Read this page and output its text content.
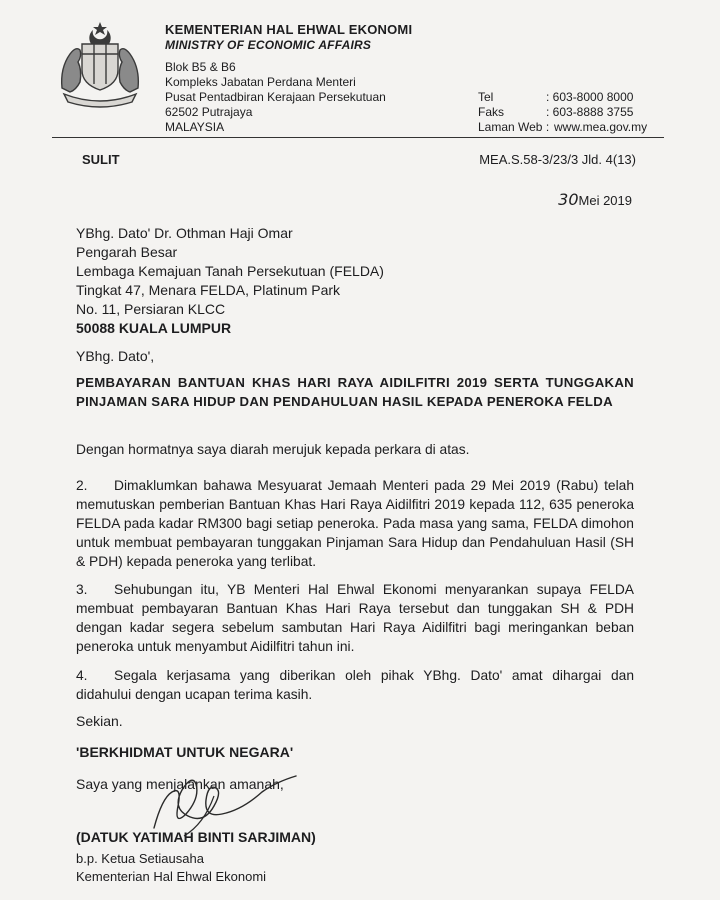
KEMENTERIAN HAL EHWAL EKONOMI
MINISTRY OF ECONOMIC AFFAIRS
Blok B5 & B6
Kompleks Jabatan Perdana Menteri
Pusat Pentadbiran Kerajaan Persekutuan
62502 Putrajaya
MALAYSIA
Tel	: 603-8000 8000
Faks	: 603-8888 3755
Laman Web : www.mea.gov.my
SULIT	MEA.S.58-3/23/3 Jld. 4(13)
30Mei 2019
YBhg. Dato' Dr. Othman Haji Omar
Pengarah Besar
Lembaga Kemajuan Tanah Persekutuan (FELDA)
Tingkat 47, Menara FELDA, Platinum Park
No. 11, Persiaran KLCC
50088 KUALA LUMPUR
YBhg. Dato',
PEMBAYARAN BANTUAN KHAS HARI RAYA AIDILFITRI 2019 SERTA TUNGGAKAN PINJAMAN SARA HIDUP DAN PENDAHULUAN HASIL KEPADA PENEROKA FELDA
Dengan hormatnya saya diarah merujuk kepada perkara di atas.
2. Dimaklumkan bahawa Mesyuarat Jemaah Menteri pada 29 Mei 2019 (Rabu) telah memutuskan pemberian Bantuan Khas Hari Raya Aidilfitri 2019 kepada 112, 635 peneroka FELDA pada kadar RM300 bagi setiap peneroka. Pada masa yang sama, FELDA dimohon untuk membuat pembayaran tunggakan Pinjaman Sara Hidup dan Pendahuluan Hasil (SH & PDH) kepada peneroka yang terlibat.
3. Sehubungan itu, YB Menteri Hal Ehwal Ekonomi menyarankan supaya FELDA membuat pembayaran Bantuan Khas Hari Raya tersebut dan tunggakan SH & PDH dengan kadar segera sebelum sambutan Hari Raya Aidilfitri bagi meringankan beban peneroka untuk menyambut Aidilfitri tahun ini.
4. Segala kerjasama yang diberikan oleh pihak YBhg. Dato' amat dihargai dan didahului dengan ucapan terima kasih.
Sekian.
'BERKHIDMAT UNTUK NEGARA'
Saya yang menjalankan amanah,
(DATUK YATIMAH BINTI SARJIMAN)
b.p. Ketua Setiausaha
Kementerian Hal Ehwal Ekonomi
